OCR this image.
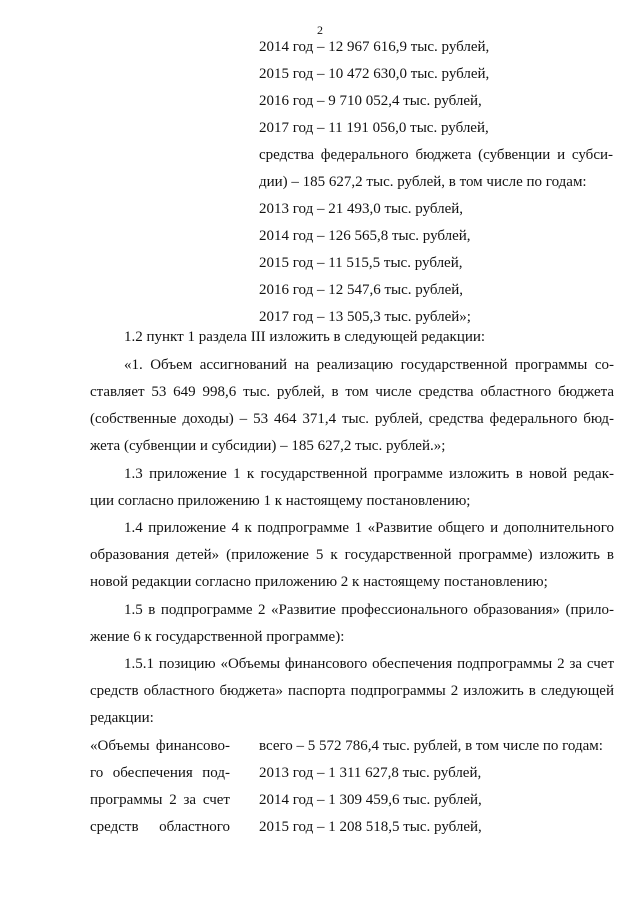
2
2014 год – 12 967 616,9 тыс. рублей,
2015 год – 10 472 630,0 тыс. рублей,
2016 год – 9 710 052,4 тыс. рублей,
2017 год – 11 191 056,0 тыс. рублей,
средства федерального бюджета (субвенции и субси-
дии) – 185 627,2 тыс. рублей, в том числе по годам:
2013 год – 21 493,0 тыс. рублей,
2014 год – 126 565,8 тыс. рублей,
2015 год – 11 515,5 тыс. рублей,
2016 год – 12 547,6 тыс. рублей,
2017 год – 13 505,3 тыс. рублей»;
1.2 пункт 1 раздела III изложить в следующей редакции:
«1. Объем ассигнований на реализацию государственной программы со-
ставляет 53 649 998,6 тыс. рублей, в том числе средства областного бюджета
(собственные доходы) – 53 464 371,4 тыс. рублей, средства федерального бюд-
жета (субвенции и субсидии) – 185 627,2 тыс. рублей.»;
1.3 приложение 1 к государственной программе изложить в новой редак-
ции согласно приложению 1 к настоящему постановлению;
1.4 приложение 4 к подпрограмме 1 «Развитие общего и дополнительного
образования детей» (приложение 5 к государственной программе) изложить в
новой редакции согласно приложению 2 к настоящему постановлению;
1.5 в подпрограмме 2 «Развитие профессионального образования» (прило-
жение 6 к государственной программе):
1.5.1 позицию «Объемы финансового обеспечения подпрограммы 2 за счет
средств областного бюджета» паспорта подпрограммы 2 изложить в следующей
редакции:
«Объемы финансово-
го обеспечения под-
программы 2 за счет
средств областного
всего – 5 572 786,4 тыс. рублей, в том числе по годам:
2013 год – 1 311 627,8 тыс. рублей,
2014 год – 1 309 459,6 тыс. рублей,
2015 год – 1 208 518,5 тыс. рублей,
